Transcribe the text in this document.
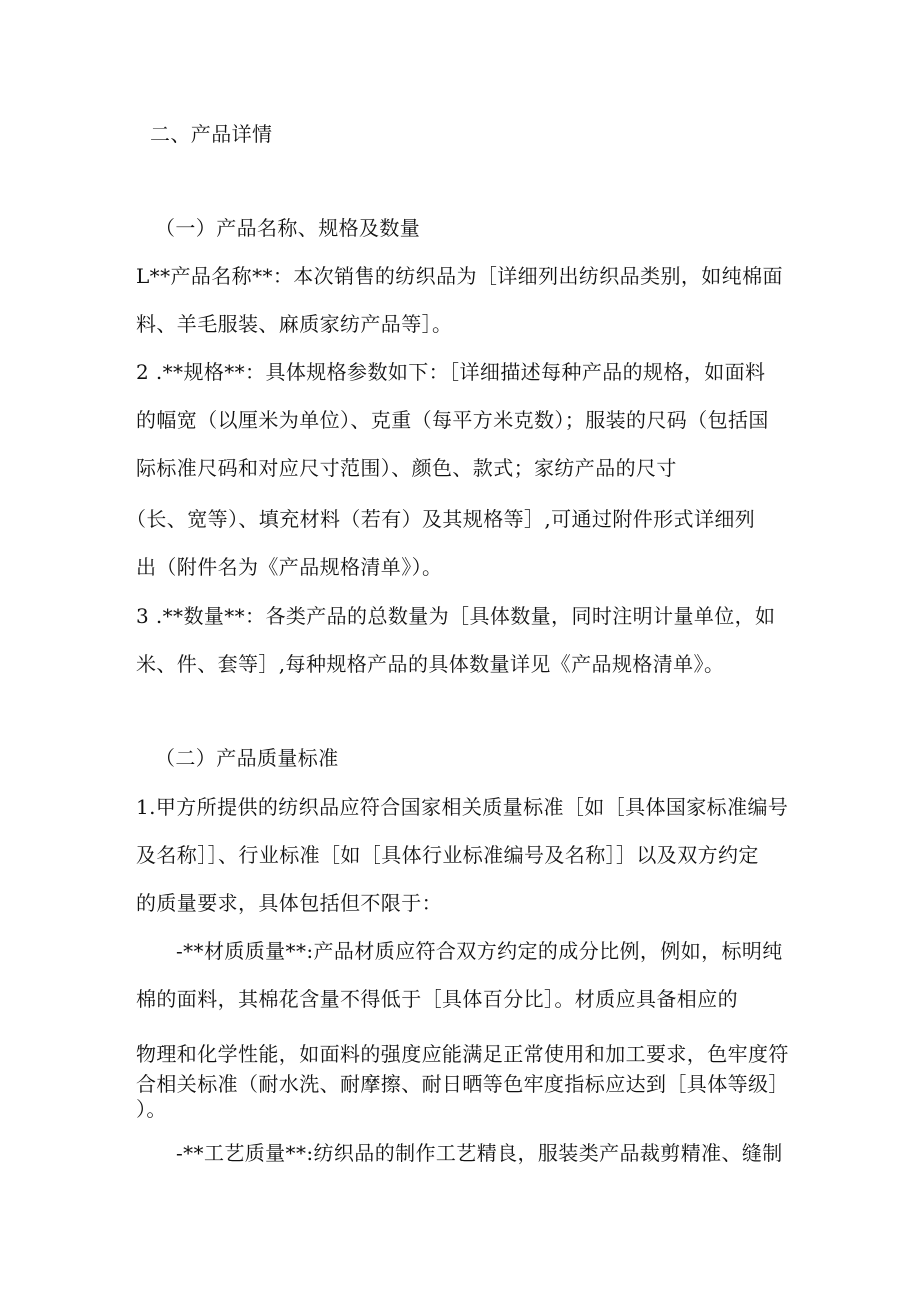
二、产品详情
（一）产品名称、规格及数量
L**产品名称**：本次销售的纺织品为［详细列出纺织品类别，如纯棉面
料、羊毛服装、麻质家纺产品等］。
2 .**规格**：具体规格参数如下：［详细描述每种产品的规格，如面料
的幅宽（以厘米为单位）、克重（每平方米克数）；服装的尺码（包括国
际标准尺码和对应尺寸范围）、颜色、款式；家纺产品的尺寸
（长、宽等）、填充材料（若有）及其规格等］,可通过附件形式详细列
出（附件名为《产品规格清单》）。
3 .**数量**：各类产品的总数量为［具体数量，同时注明计量单位，如
米、件、套等］,每种规格产品的具体数量详见《产品规格清单》。
（二）产品质量标准
1.甲方所提供的纺织品应符合国家相关质量标准［如［具体国家标准编号
及名称］］、行业标准［如［具体行业标准编号及名称］］以及双方约定
的质量要求，具体包括但不限于：
-**材质质量**:产品材质应符合双方约定的成分比例，例如，标明纯
棉的面料，其棉花含量不得低于［具体百分比］。材质应具备相应的
物理和化学性能，如面料的强度应能满足正常使用和加工要求，色牢度符
合相关标准（耐水洗、耐摩擦、耐日晒等色牢度指标应达到［具体等级］
）。
-**工艺质量**:纺织品的制作工艺精良，服装类产品裁剪精准、缝制
